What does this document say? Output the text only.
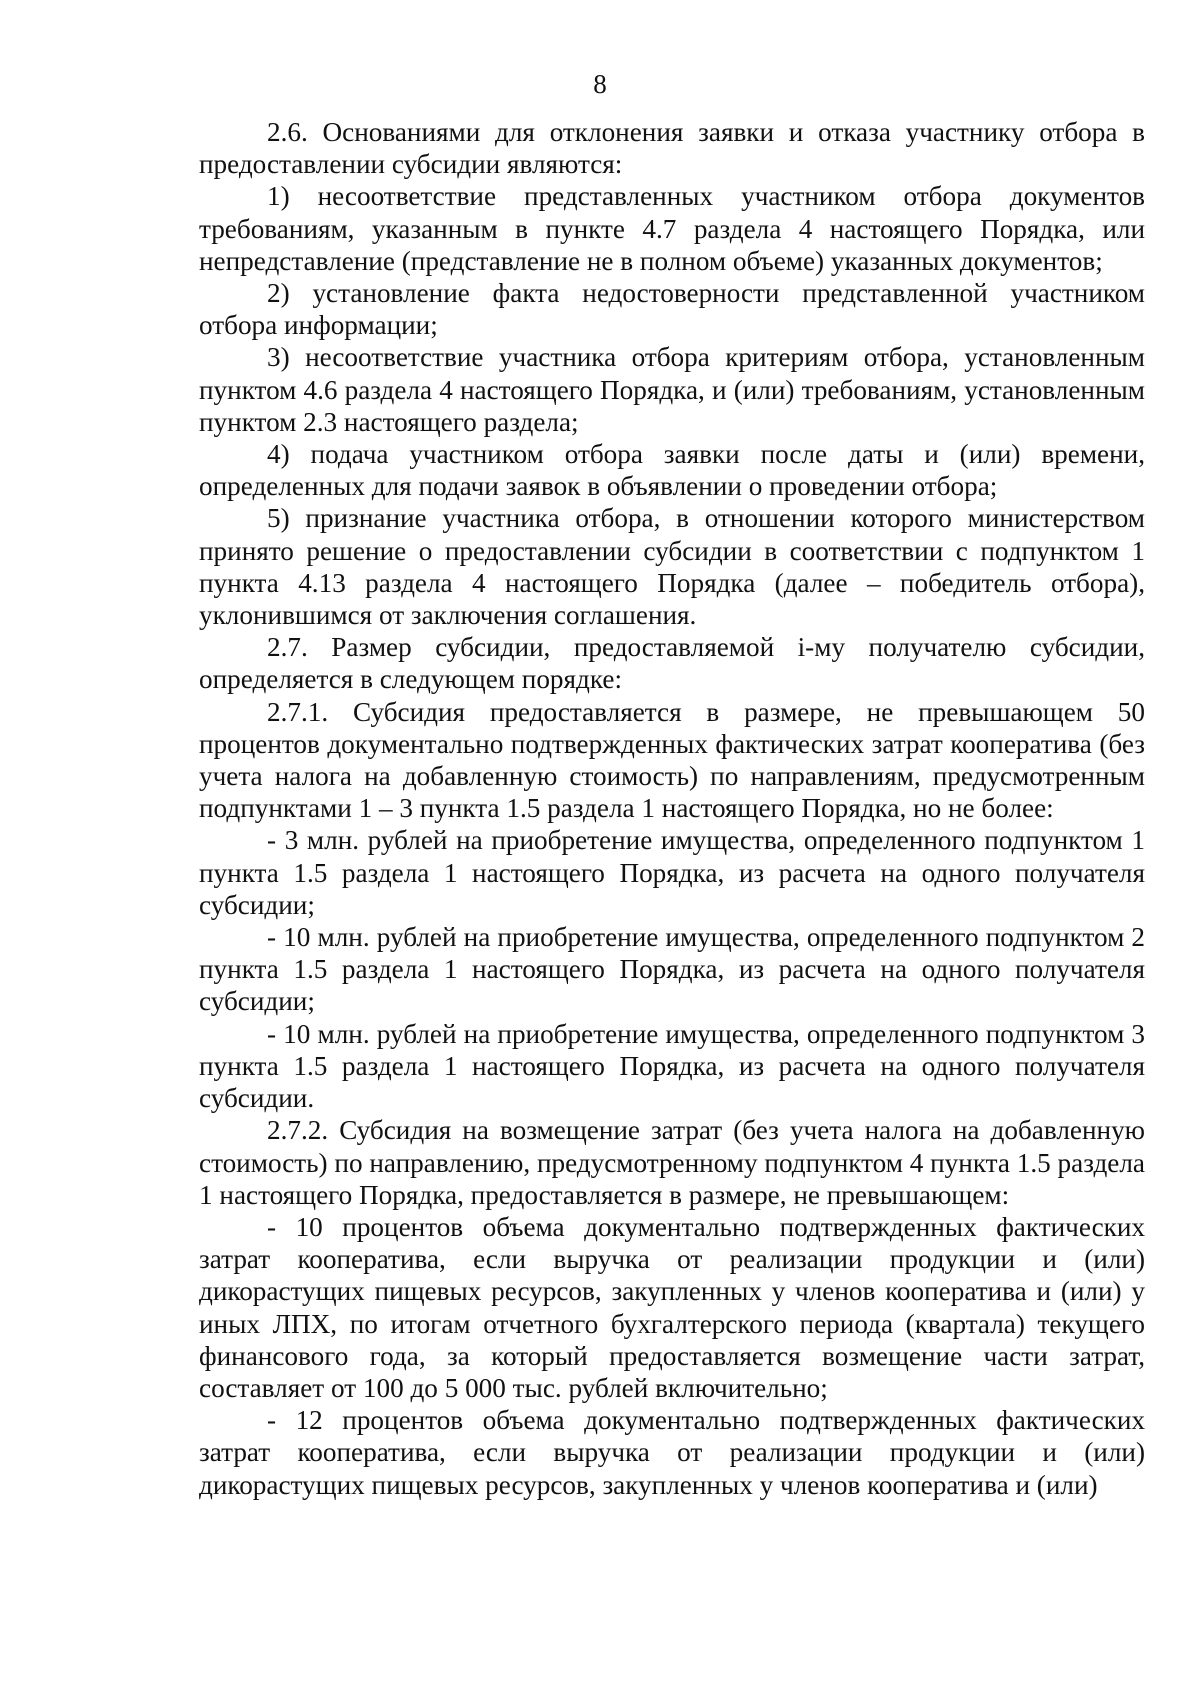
8

2.6. Основаниями для отклонения заявки и отказа участнику отбора в предоставлении субсидии являются:

1) несоответствие представленных участником отбора документов требованиям, указанным в пункте 4.7 раздела 4 настоящего Порядка, или непредставление (представление не в полном объеме) указанных документов;

2) установление факта недостоверности представленной участником отбора информации;

3) несоответствие участника отбора критериям отбора, установленным пунктом 4.6 раздела 4 настоящего Порядка, и (или) требованиям, установленным пунктом 2.3 настоящего раздела;

4) подача участником отбора заявки после даты и (или) времени, определенных для подачи заявок в объявлении о проведении отбора;

5) признание участника отбора, в отношении которого министерством принято решение о предоставлении субсидии в соответствии с подпунктом 1 пункта 4.13 раздела 4 настоящего Порядка (далее – победитель отбора), уклонившимся от заключения соглашения.

2.7. Размер субсидии, предоставляемой i-му получателю субсидии, определяется в следующем порядке:

2.7.1. Субсидия предоставляется в размере, не превышающем 50 процентов документально подтвержденных фактических затрат кооператива (без учета налога на добавленную стоимость) по направлениям, предусмотренным подпунктами 1 – 3 пункта 1.5 раздела 1 настоящего Порядка, но не более:

- 3 млн. рублей на приобретение имущества, определенного подпунктом 1 пункта 1.5 раздела 1 настоящего Порядка, из расчета на одного получателя субсидии;

- 10 млн. рублей на приобретение имущества, определенного подпунктом 2 пункта 1.5 раздела 1 настоящего Порядка, из расчета на одного получателя субсидии;

- 10 млн. рублей на приобретение имущества, определенного подпунктом 3 пункта 1.5 раздела 1 настоящего Порядка, из расчета на одного получателя субсидии.

2.7.2. Субсидия на возмещение затрат (без учета налога на добавленную стоимость) по направлению, предусмотренному подпунктом 4 пункта 1.5 раздела 1 настоящего Порядка, предоставляется в размере, не превышающем:

- 10 процентов объема документально подтвержденных фактических затрат кооператива, если выручка от реализации продукции и (или) дикорастущих пищевых ресурсов, закупленных у членов кооператива и (или) у иных ЛПХ, по итогам отчетного бухгалтерского периода (квартала) текущего финансового года, за который предоставляется возмещение части затрат, составляет от 100 до 5 000 тыс. рублей включительно;

- 12 процентов объема документально подтвержденных фактических затрат кооператива, если выручка от реализации продукции и (или) дикорастущих пищевых ресурсов, закупленных у членов кооператива и (или)
